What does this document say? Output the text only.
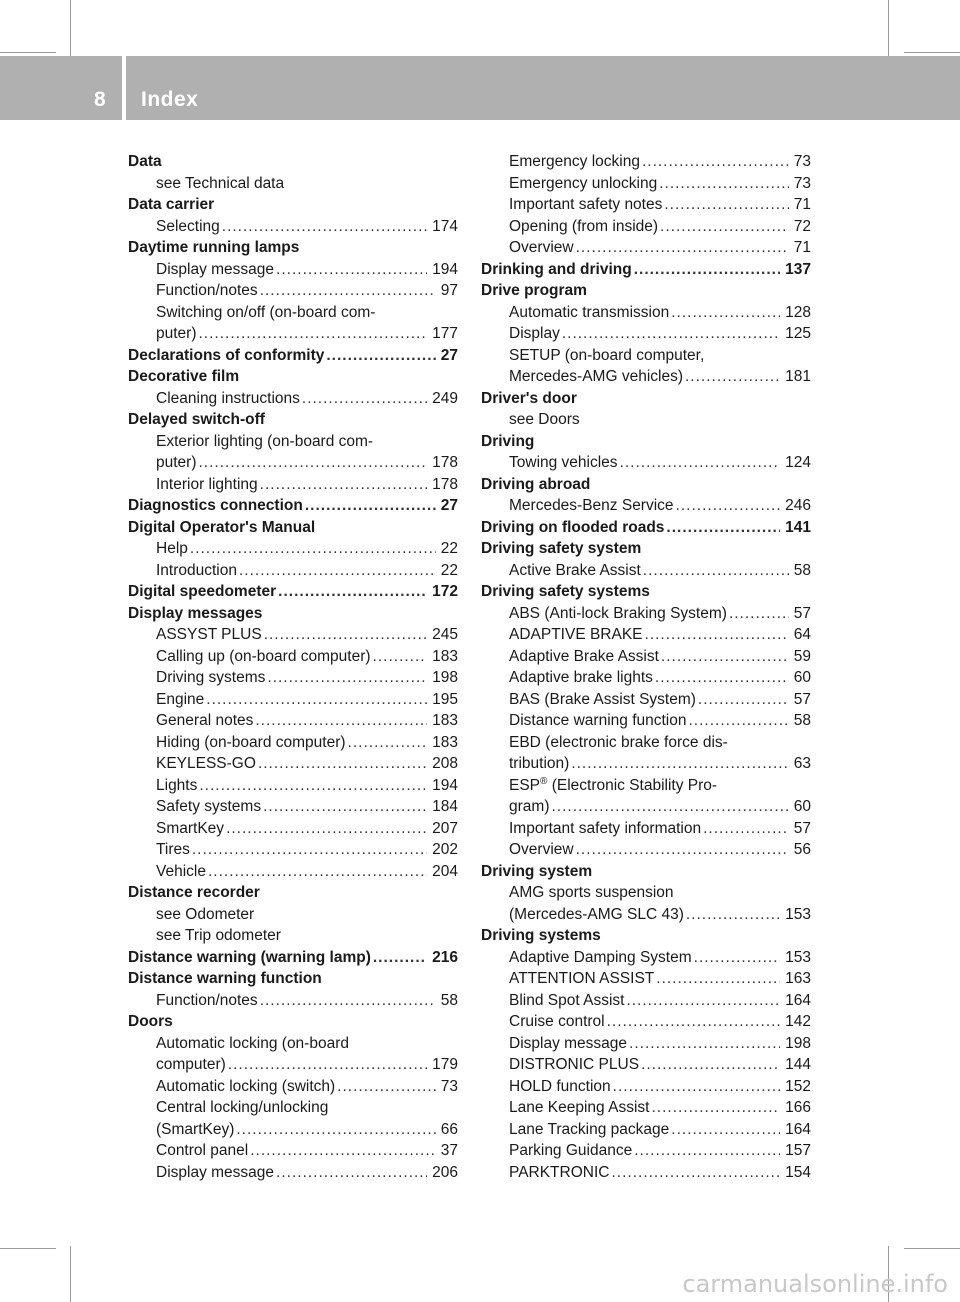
8 Index
Data
see Technical data
Data carrier
Selecting .....	174
Daytime running lamps
Display message .....	194
Function/notes .....	97
Switching on/off (on-board com-
puter) .....	177
Declarations of conformity .....	27
Decorative film
Cleaning instructions .....	249
Delayed switch-off
Exterior lighting (on-board com-
puter) .....	178
Interior lighting .....	178
Diagnostics connection .....	27
Digital Operator's Manual
Help .....	22
Introduction .....	22
Digital speedometer .....	172
Display messages
ASSYST PLUS .....	245
Calling up (on-board computer) .....	183
Driving systems .....	198
Engine .....	195
General notes .....	183
Hiding (on-board computer) .....	183
KEYLESS-GO .....	208
Lights .....	194
Safety systems .....	184
SmartKey .....	207
Tires .....	202
Vehicle .....	204
Distance recorder
see Odometer
see Trip odometer
Distance warning (warning lamp) .....	216
Distance warning function
Function/notes .....	58
Doors
Automatic locking (on-board
computer) .....	179
Automatic locking (switch) .....	73
Central locking/unlocking
(SmartKey) .....	66
Control panel .....	37
Display message .....	206
Emergency locking .....	73
Emergency unlocking .....	73
Important safety notes .....	71
Opening (from inside) .....	72
Overview .....	71
Drinking and driving .....	137
Drive program
Automatic transmission .....	128
Display .....	125
SETUP (on-board computer,
Mercedes-AMG vehicles) .....	181
Driver's door
see Doors
Driving
Towing vehicles .....	124
Driving abroad
Mercedes-Benz Service .....	246
Driving on flooded roads .....	141
Driving safety system
Active Brake Assist .....	58
Driving safety systems
ABS (Anti-lock Braking System) .....	57
ADAPTIVE BRAKE .....	64
Adaptive Brake Assist .....	59
Adaptive brake lights .....	60
BAS (Brake Assist System) .....	57
Distance warning function .....	58
EBD (electronic brake force dis-
tribution) .....	63
ESP® (Electronic Stability Pro-
gram) .....	60
Important safety information .....	57
Overview .....	56
Driving system
AMG sports suspension
(Mercedes-AMG SLC 43) .....	153
Driving systems
Adaptive Damping System .....	153
ATTENTION ASSIST .....	163
Blind Spot Assist .....	164
Cruise control .....	142
Display message .....	198
DISTRONIC PLUS .....	144
HOLD function .....	152
Lane Keeping Assist .....	166
Lane Tracking package .....	164
Parking Guidance .....	157
PARKTRONIC .....	154
carmanualsonline.info
